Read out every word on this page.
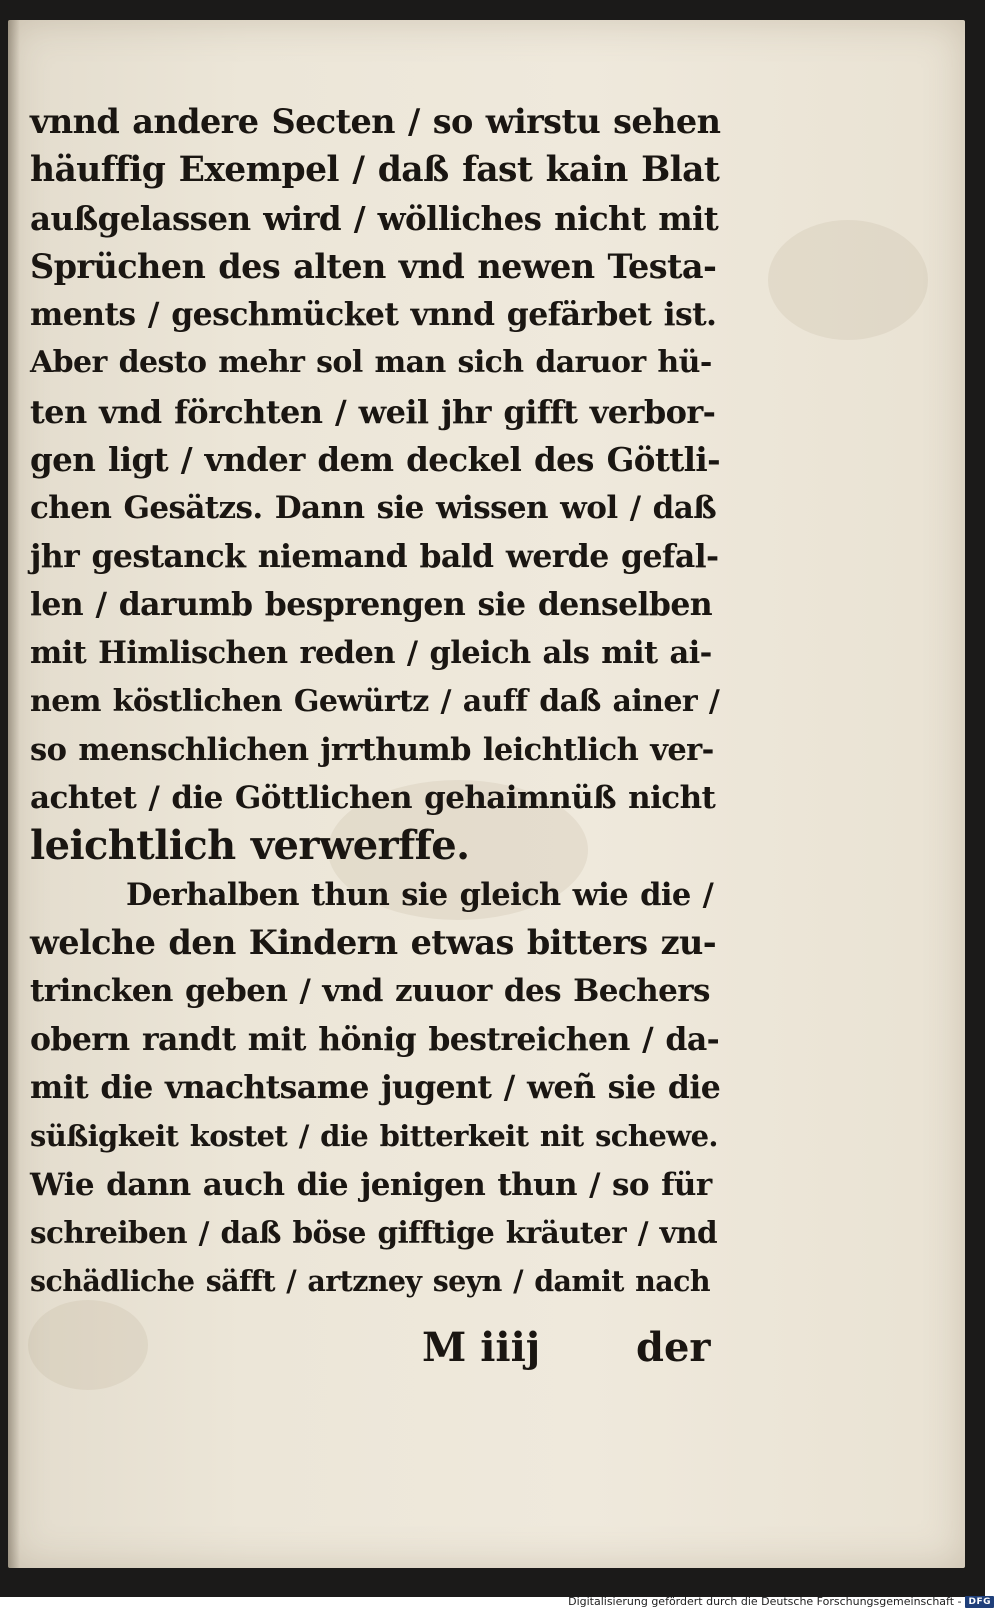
vnnd andere Secten / so wirstu sehen
häuffig Exempel / daß fast kain Blat
außgelassen wird / wölliches nicht mit
Sprüchen des alten vnd newen Testa-
ments / geschmücket vnnd gefärbet ist.
Aber desto mehr sol man sich daruor hü-
ten vnd förchten / weil jhr gifft verbor-
gen ligt / vnder dem deckel des Göttli-
chen Gesätzs. Dann sie wissen wol / daß
jhr gestanck niemand bald werde gefal-
len / darumb besprengen sie denselben
mit Himlischen reden / gleich als mit ai-
nem köstlichen Gewürtz / auff daß ainer /
so menschlichen jrrthumb leichtlich ver-
achtet / die Göttlichen gehaimnüß nicht
leichtlich verwerffe.
Derhalben thun sie gleich wie die /
welche den Kindern etwas bitters zu-
trincken geben / vnd zuuor des Bechers
obern randt mit hönig bestreichen / da-
mit die vnachtsame jugent / weñ sie die
süßigkeit kostet / die bitterkeit nit schewe.
Wie dann auch die jenigen thun / so für
schreiben / daß böse gifftige kräuter / vnd
schädliche säfft / artzney seyn / damit nach
M iiij der
Digitalisierung gefördert durch die Deutsche Forschungsgemeinschaft - DFG
